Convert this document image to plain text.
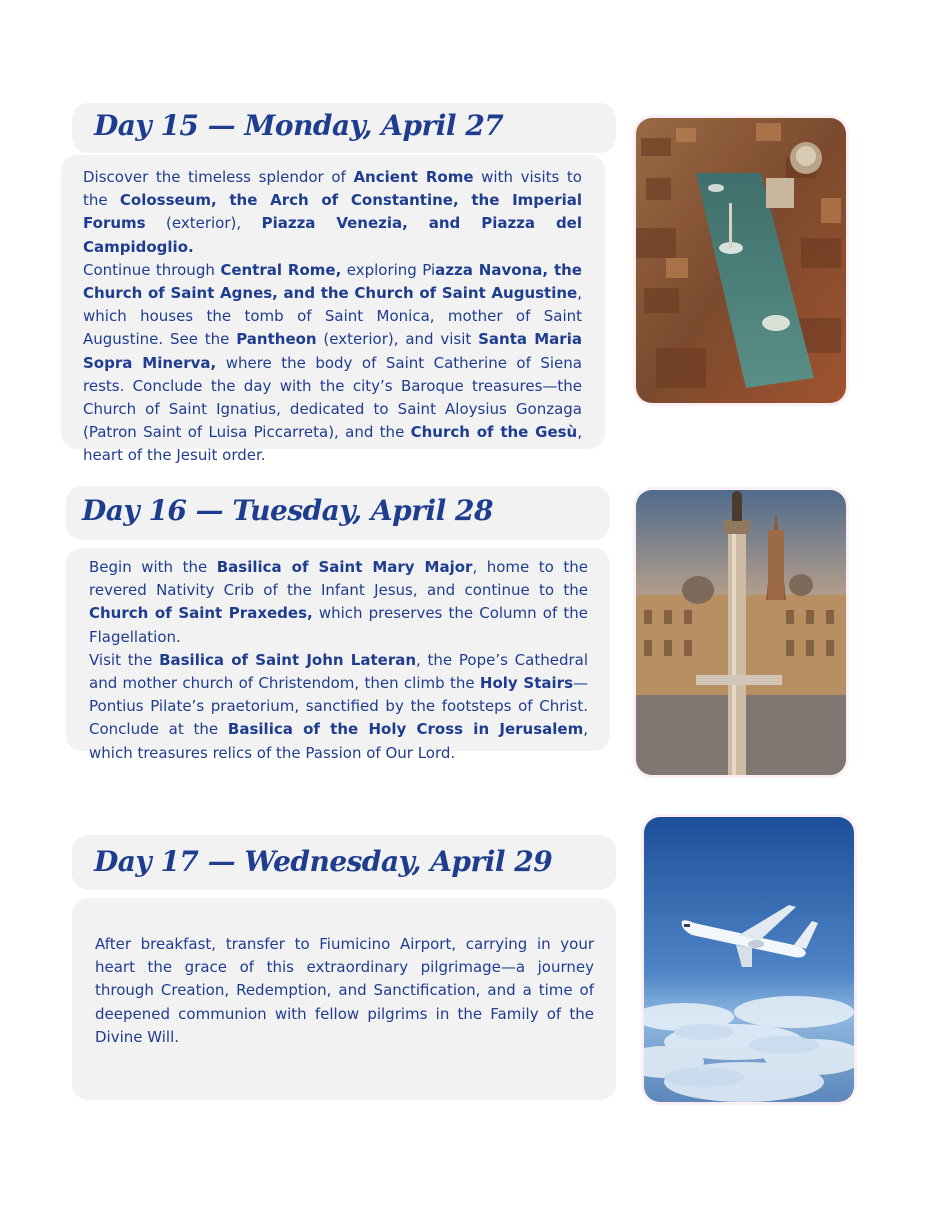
Day 15 — Monday, April 27

Discover the timeless splendor of Ancient Rome with visits to the Colosseum, the Arch of Constantine, the Imperial Forums (exterior), Piazza Venezia, and Piazza del Campidoglio.

Continue through Central Rome, exploring Piazza Navona, the Church of Saint Agnes, and the Church of Saint Augustine, which houses the tomb of Saint Monica, mother of Saint Augustine. See the Pantheon (exterior), and visit Santa Maria Sopra Minerva, where the body of Saint Catherine of Siena rests. Conclude the day with the city’s Baroque treasures—the Church of Saint Ignatius, dedicated to Saint Aloysius Gonzaga (Patron Saint of Luisa Piccarreta), and the Church of the Gesù, heart of the Jesuit order.

Day 16 — Tuesday, April 28

Begin with the Basilica of Saint Mary Major, home to the revered Nativity Crib of the Infant Jesus, and continue to the Church of Saint Praxedes, which preserves the Column of the Flagellation.

Visit the Basilica of Saint John Lateran, the Pope’s Cathedral and mother church of Christendom, then climb the Holy Stairs—Pontius Pilate’s praetorium, sanctified by the footsteps of Christ. Conclude at the Basilica of the Holy Cross in Jerusalem, which treasures relics of the Passion of Our Lord.

Day 17 — Wednesday, April 29

After breakfast, transfer to Fiumicino Airport, carrying in your heart the grace of this extraordinary pilgrimage—a journey through Creation, Redemption, and Sanctification, and a time of deepened communion with fellow pilgrims in the Family of the Divine Will.
